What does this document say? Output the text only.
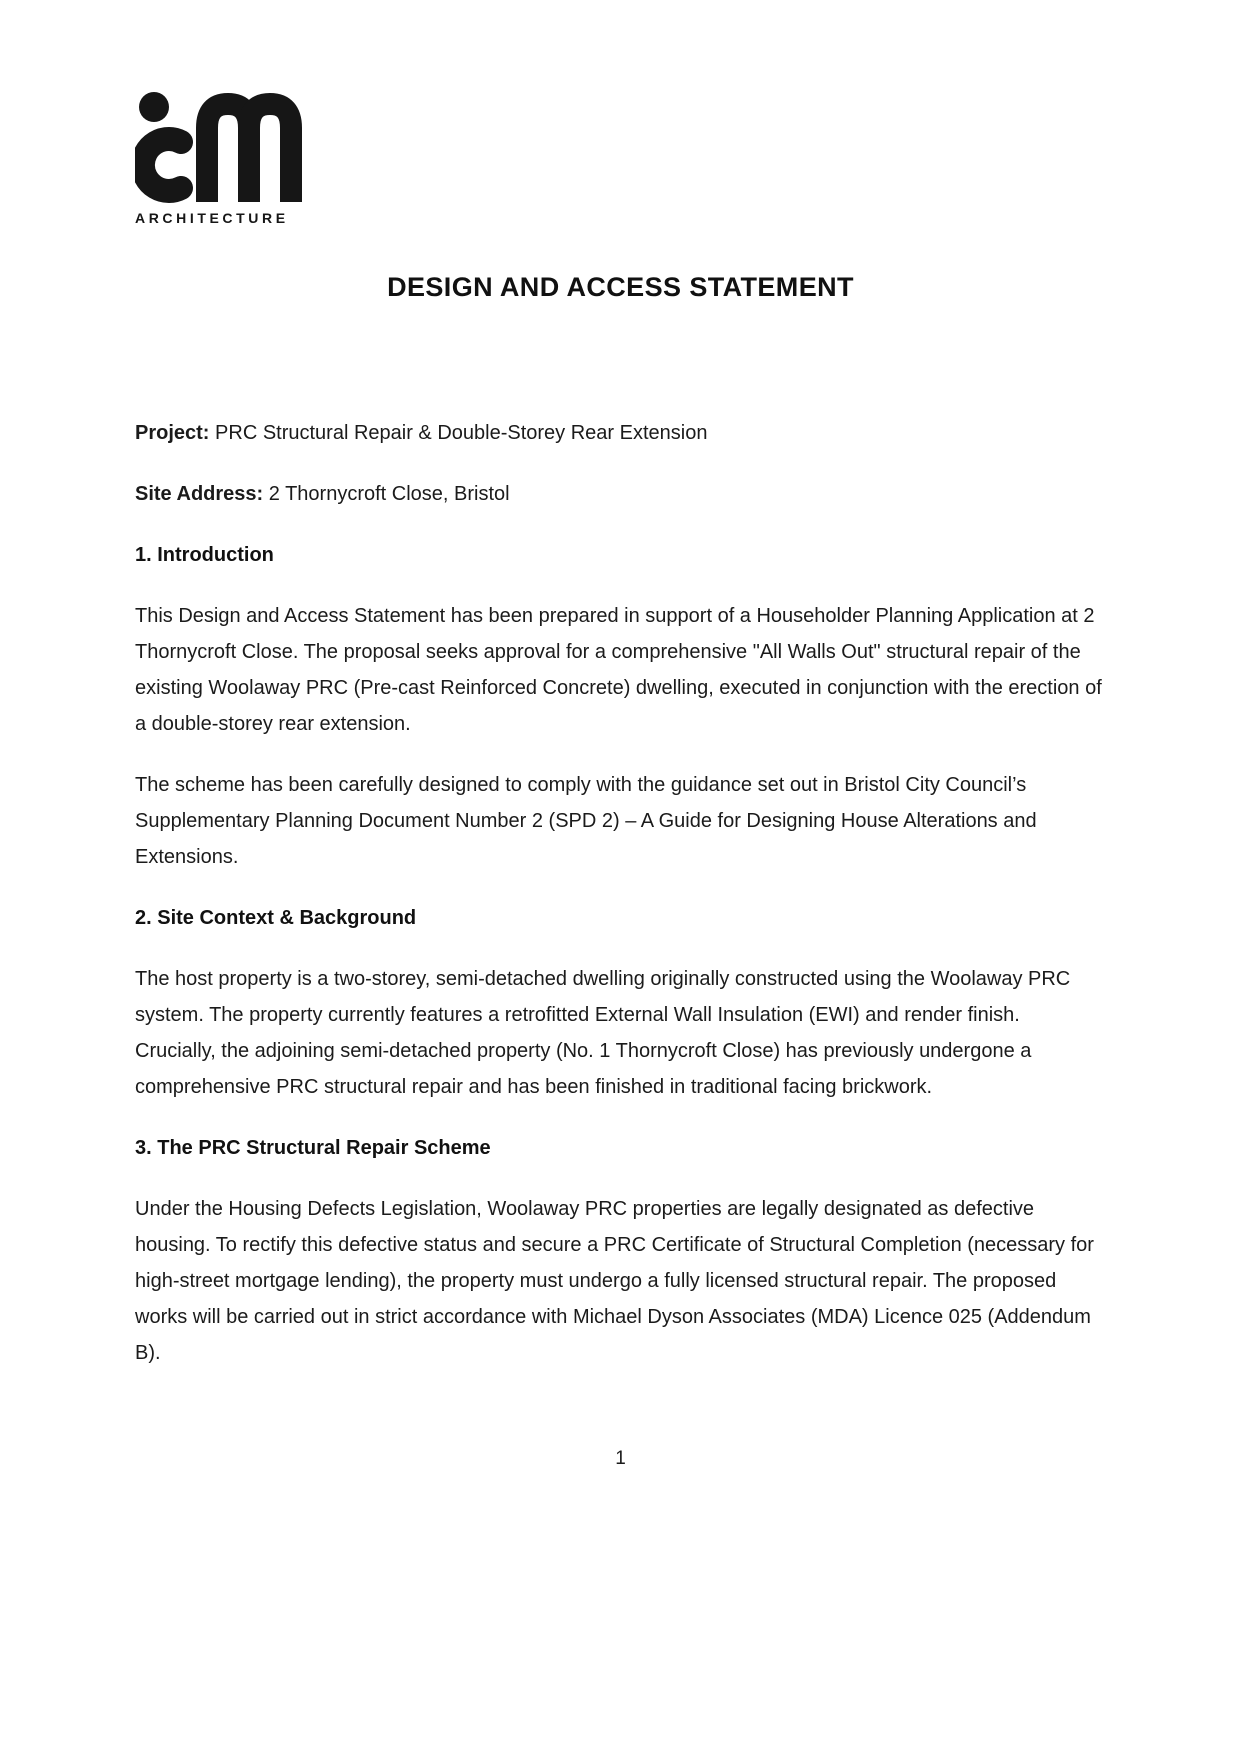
ARCHITECTURE
DESIGN AND ACCESS STATEMENT

Project: PRC Structural Repair & Double-Storey Rear Extension

Site Address: 2 Thornycroft Close, Bristol

1. Introduction

This Design and Access Statement has been prepared in support of a Householder Planning Application at 2 Thornycroft Close. The proposal seeks approval for a comprehensive "All Walls Out" structural repair of the existing Woolaway PRC (Pre-cast Reinforced Concrete) dwelling, executed in conjunction with the erection of a double-storey rear extension.

The scheme has been carefully designed to comply with the guidance set out in Bristol City Council’s Supplementary Planning Document Number 2 (SPD 2) – A Guide for Designing House Alterations and Extensions.

2. Site Context & Background

The host property is a two-storey, semi-detached dwelling originally constructed using the Woolaway PRC system. The property currently features a retrofitted External Wall Insulation (EWI) and render finish. Crucially, the adjoining semi-detached property (No. 1 Thornycroft Close) has previously undergone a comprehensive PRC structural repair and has been finished in traditional facing brickwork.

3. The PRC Structural Repair Scheme

Under the Housing Defects Legislation, Woolaway PRC properties are legally designated as defective housing. To rectify this defective status and secure a PRC Certificate of Structural Completion (necessary for high-street mortgage lending), the property must undergo a fully licensed structural repair. The proposed works will be carried out in strict accordance with Michael Dyson Associates (MDA) Licence 025 (Addendum B).

1
